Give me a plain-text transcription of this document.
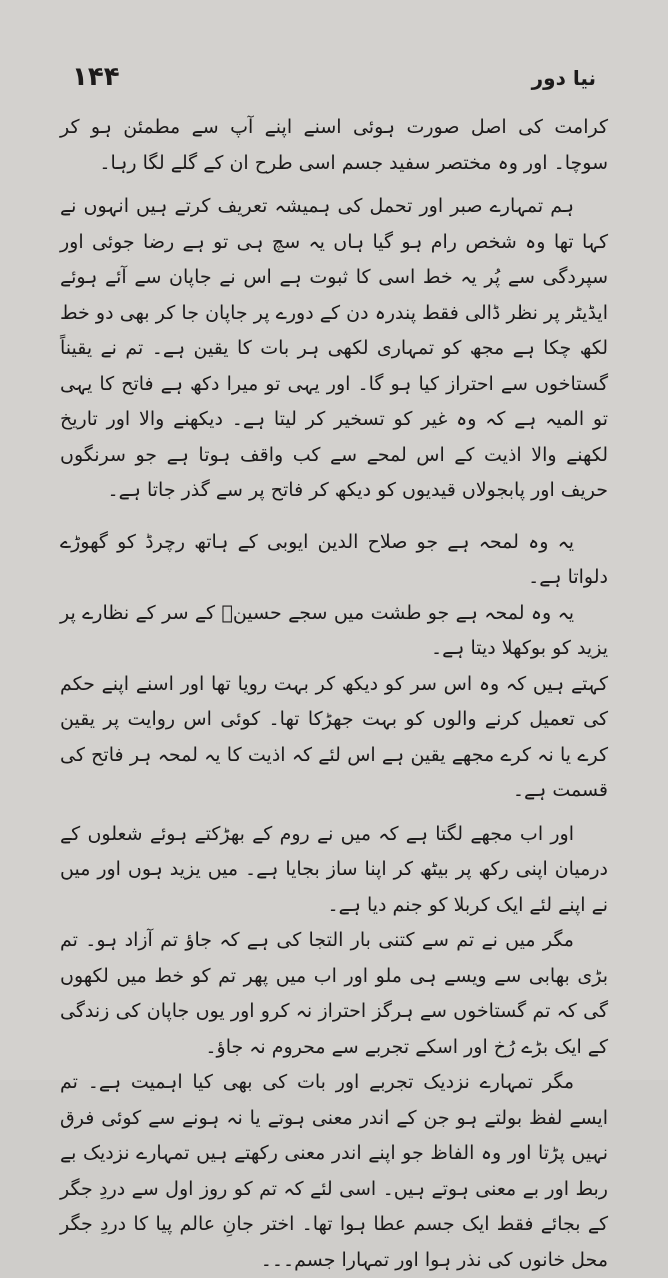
۱۴۴	نیا دور

کرامت کی اصل صورت ہوئی اسنے اپنے آپ سے مطمئن ہو کر سوچا۔ اور وہ مختصر سفید جسم اسی طرح ان کے گلے لگا رہا۔

ہم تمہارے صبر اور تحمل کی ہمیشہ تعریف کرتے ہیں انہوں نے کہا تھا وہ شخص رام ہو گیا ہاں یہ سچ ہی تو ہے رضا جوئی اور سپردگی سے پُر یہ خط اسی کا ثبوت ہے اس نے جاپان سے آئے ہوئے ایڈیٹر پر نظر ڈالی فقط پندرہ دن کے دورے پر جاپان جا کر بھی دو خط لکھ چکا ہے مجھ کو تمہاری لکھی ہر بات کا یقین ہے۔ تم نے یقیناً گستاخوں سے احتراز کیا ہو گا۔ اور یہی تو میرا دکھ ہے فاتح کا یہی تو المیہ ہے کہ وہ غیر کو تسخیر کر لیتا ہے۔ دیکھنے والا اور تاریخ لکھنے والا اذیت کے اس لمحے سے کب واقف ہوتا ہے جو سرنگوں حریف اور پابجولاں قیدیوں کو دیکھ کر فاتح پر سے گذر جاتا ہے۔

یہ وہ لمحہ ہے جو صلاح الدین ایوبی کے ہاتھ رچرڈ کو گھوڑے دلواتا ہے۔

یہ وہ لمحہ ہے جو طشت میں سجے حسینؓ کے سر کے نظارے پر یزید کو بوکھلا دیتا ہے۔

کہتے ہیں کہ وہ اس سر کو دیکھ کر بہت رویا تھا اور اسنے اپنے حکم کی تعمیل کرنے والوں کو بہت جھڑکا تھا۔ کوئی اس روایت پر یقین کرے یا نہ کرے مجھے یقین ہے اس لئے کہ اذیت کا یہ لمحہ ہر فاتح کی قسمت ہے۔

اور اب مجھے لگتا ہے کہ میں نے روم کے بھڑکتے ہوئے شعلوں کے درمیان اپنی رکھ پر بیٹھ کر اپنا ساز بجایا ہے۔ میں یزید ہوں اور میں نے اپنے لئے ایک کربلا کو جنم دیا ہے۔

مگر میں نے تم سے کتنی بار التجا کی ہے کہ جاؤ تم آزاد ہو۔ تم بڑی بھابی سے ویسے ہی ملو اور اب میں پھر تم کو خط میں لکھوں گی کہ تم گستاخوں سے ہرگز احتراز نہ کرو اور یوں جاپان کی زندگی کے ایک بڑے رُخ اور اسکے تجربے سے محروم نہ جاؤ۔

مگر تمہارے نزدیک تجربے اور بات کی بھی کیا اہمیت ہے۔ تم ایسے لفظ بولتے ہو جن کے اندر معنی ہوتے یا نہ ہونے سے کوئی فرق نہیں پڑتا اور وہ الفاظ جو اپنے اندر معنی رکھتے ہیں تمہارے نزدیک بے ربط اور بے معنی ہوتے ہیں۔ اسی لئے کہ تم کو روز اول سے دردِ جگر کے بجائے فقط ایک جسم عطا ہوا تھا۔ اختر جانِ عالم پیا کا دردِ جگر محل خانوں کی نذر ہوا اور تمہارا جسم۔۔۔
